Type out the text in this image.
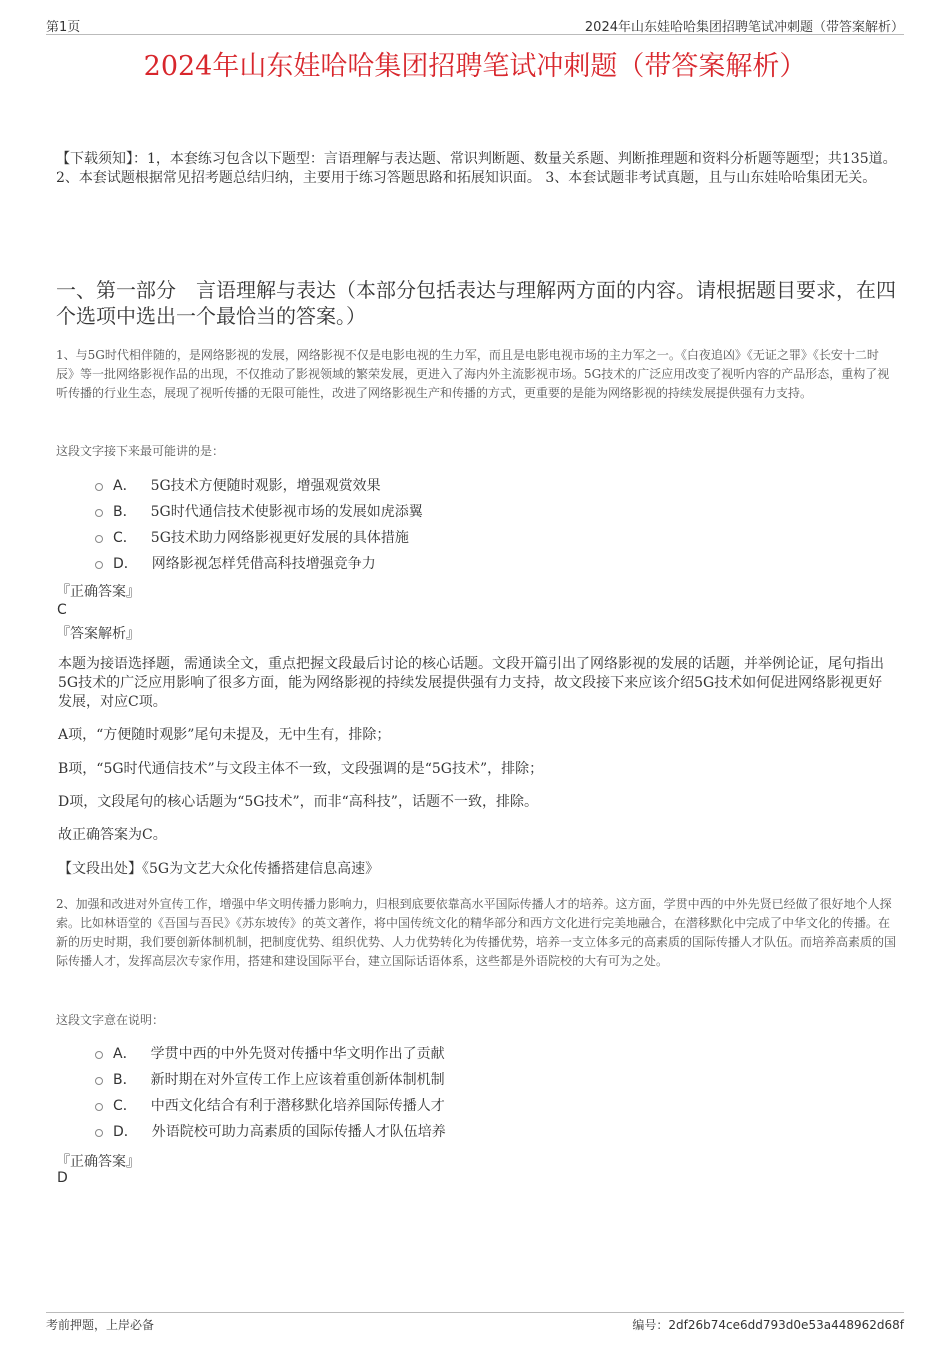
第1页	2024年山东娃哈哈集团招聘笔试冲刺题（带答案解析）
2024年山东娃哈哈集团招聘笔试冲刺题（带答案解析）
【下载须知】：1，本套练习包含以下题型：言语理解与表达题、常识判断题、数量关系题、判断推理题和资料分析题等题型；共135道。 2、本套试题根据常见招考题总结归纳，主要用于练习答题思路和拓展知识面。 3、本套试题非考试真题，且与山东娃哈哈集团无关。
一、第一部分　言语理解与表达（本部分包括表达与理解两方面的内容。请根据题目要求，在四个选项中选出一个最恰当的答案。）
1、与5G时代相伴随的，是网络影视的发展，网络影视不仅是电影电视的生力军，而且是电影电视市场的主力军之一。《白夜追凶》《无证之罪》《长安十二时辰》等一批网络影视作品的出现，不仅推动了影视领域的繁荣发展，更进入了海内外主流影视市场。5G技术的广泛应用改变了视听内容的产品形态，重构了视听传播的行业生态，展现了视听传播的无限可能性，改进了网络影视生产和传播的方式，更重要的是能为网络影视的持续发展提供强有力支持。
这段文字接下来最可能讲的是：
A． 5G技术方便随时观影，增强观赏效果
B． 5G时代通信技术使影视市场的发展如虎添翼
C． 5G技术助力网络影视更好发展的具体措施
D． 网络影视怎样凭借高科技增强竞争力
『正确答案』
C
『答案解析』
本题为接语选择题，需通读全文，重点把握文段最后讨论的核心话题。文段开篇引出了网络影视的发展的话题，并举例论证，尾句指出5G技术的广泛应用影响了很多方面，能为网络影视的持续发展提供强有力支持，故文段接下来应该介绍5G技术如何促进网络影视更好发展，对应C项。
A项，“方便随时观影”尾句未提及，无中生有，排除；
B项，“5G时代通信技术”与文段主体不一致，文段强调的是“5G技术”，排除；
D项，文段尾句的核心话题为“5G技术”，而非“高科技”，话题不一致，排除。
故正确答案为C。
【文段出处】《5G为文艺大众化传播搭建信息高速》
2、加强和改进对外宣传工作，增强中华文明传播力影响力，归根到底要依靠高水平国际传播人才的培养。这方面，学贯中西的中外先贤已经做了很好地个人探索。比如林语堂的《吾国与吾民》《苏东坡传》的英文著作，将中国传统文化的精华部分和西方文化进行完美地融合，在潜移默化中完成了中华文化的传播。在新的历史时期，我们要创新体制机制，把制度优势、组织优势、人力优势转化为传播优势，培养一支立体多元的高素质的国际传播人才队伍。而培养高素质的国际传播人才，发挥高层次专家作用，搭建和建设国际平台，建立国际话语体系，这些都是外语院校的大有可为之处。
这段文字意在说明：
A． 学贯中西的中外先贤对传播中华文明作出了贡献
B． 新时期在对外宣传工作上应该着重创新体制机制
C． 中西文化结合有利于潜移默化培养国际传播人才
D． 外语院校可助力高素质的国际传播人才队伍培养
『正确答案』
D
考前押题，上岸必备	编号：2df26b74ce6dd793d0e53a448962d68f
